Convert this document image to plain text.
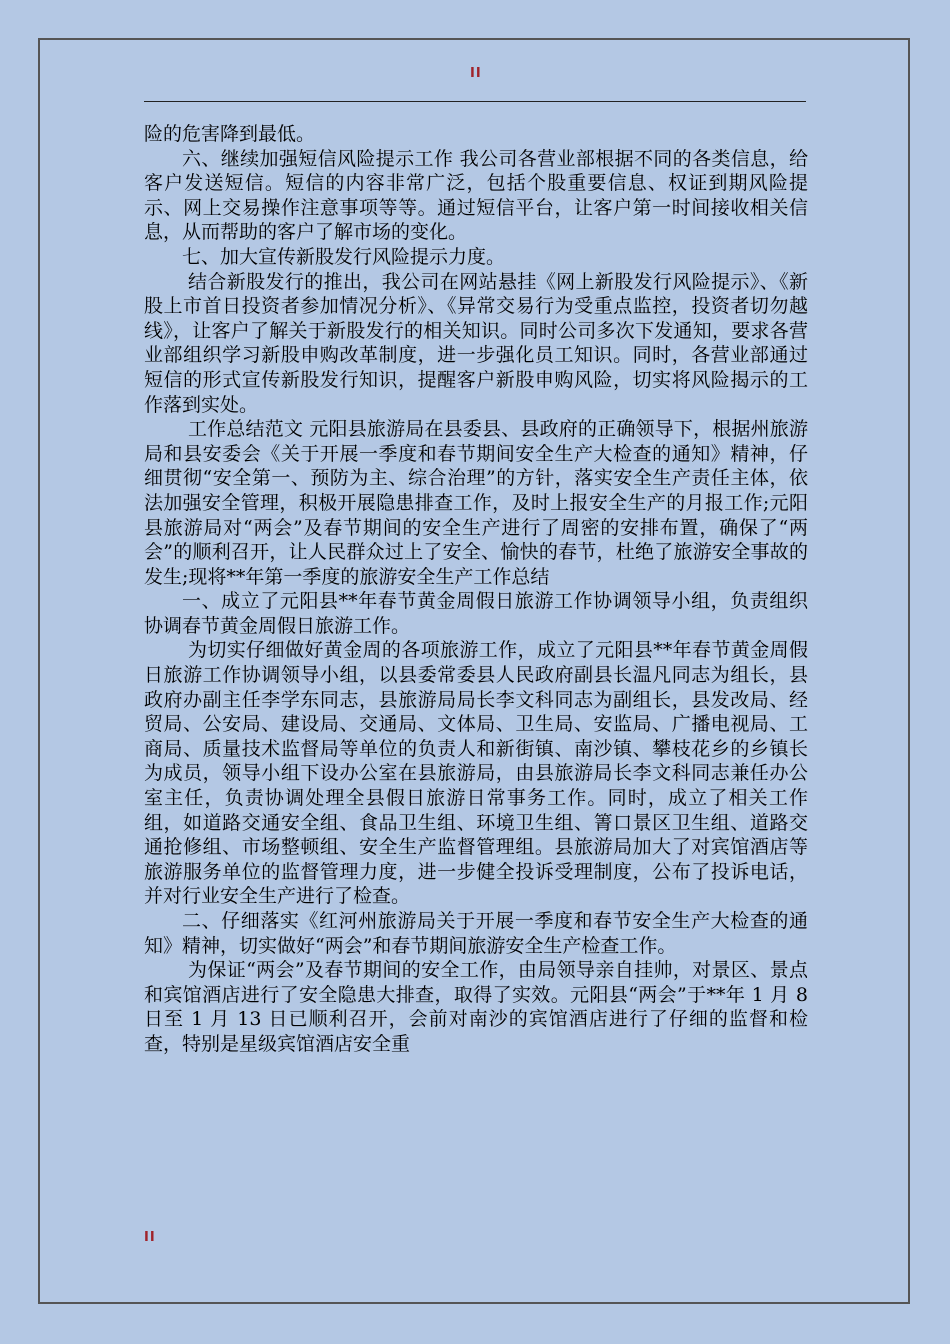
II

险的危害降到最低。

六、继续加强短信风险提示工作 我公司各营业部根据不同的各类信息，给客户发送短信。短信的内容非常广泛，包括个股重要信息、权证到期风险提示、网上交易操作注意事项等等。通过短信平台，让客户第一时间接收相关信息，从而帮助的客户了解市场的变化。

七、加大宣传新股发行风险提示力度。

结合新股发行的推出，我公司在网站悬挂《网上新股发行风险提示》、《新股上市首日投资者参加情况分析》、《异常交易行为受重点监控，投资者切勿越线》，让客户了解关于新股发行的相关知识。同时公司多次下发通知，要求各营业部组织学习新股申购改革制度，进一步强化员工知识。同时，各营业部通过短信的形式宣传新股发行知识，提醒客户新股申购风险，切实将风险揭示的工作落到实处。

工作总结范文 元阳县旅游局在县委县、县政府的正确领导下，根据州旅游局和县安委会《关于开展一季度和春节期间安全生产大检查的通知》精神，仔细贯彻“安全第一、预防为主、综合治理”的方针，落实安全生产责任主体，依法加强安全管理，积极开展隐患排查工作，及时上报安全生产的月报工作;元阳县旅游局对“两会”及春节期间的安全生产进行了周密的安排布置，确保了“两会”的顺利召开，让人民群众过上了安全、愉快的春节，杜绝了旅游安全事故的发生;现将**年第一季度的旅游安全生产工作总结

一、成立了元阳县**年春节黄金周假日旅游工作协调领导小组，负责组织协调春节黄金周假日旅游工作。

为切实仔细做好黄金周的各项旅游工作，成立了元阳县**年春节黄金周假日旅游工作协调领导小组，以县委常委县人民政府副县长温凡同志为组长，县政府办副主任李学东同志，县旅游局局长李文科同志为副组长，县发改局、经贸局、公安局、建设局、交通局、文体局、卫生局、安监局、广播电视局、工商局、质量技术监督局等单位的负责人和新街镇、南沙镇、攀枝花乡的乡镇长为成员，领导小组下设办公室在县旅游局，由县旅游局长李文科同志兼任办公室主任，负责协调处理全县假日旅游日常事务工作。同时，成立了相关工作组，如道路交通安全组、食品卫生组、环境卫生组、箐口景区卫生组、道路交通抢修组、市场整顿组、安全生产监督管理组。县旅游局加大了对宾馆酒店等旅游服务单位的监督管理力度，进一步健全投诉受理制度，公布了投诉电话，并对行业安全生产进行了检查。

二、仔细落实《红河州旅游局关于开展一季度和春节安全生产大检查的通知》精神，切实做好“两会”和春节期间旅游安全生产检查工作。

为保证“两会”及春节期间的安全工作，由局领导亲自挂帅，对景区、景点和宾馆酒店进行了安全隐患大排查，取得了实效。元阳县“两会”于**年 1 月 8 日至 1 月 13 日已顺利召开，会前对南沙的宾馆酒店进行了仔细的监督和检查，特别是星级宾馆酒店安全重

II
